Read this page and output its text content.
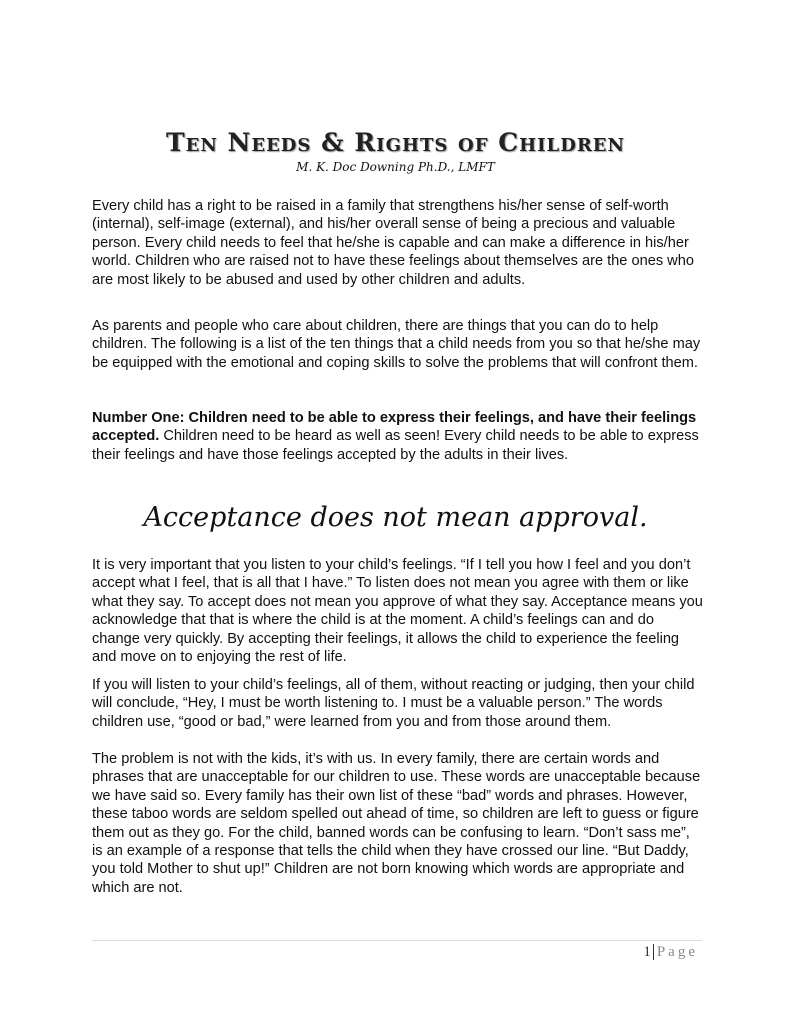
Ten Needs & Rights of Children
M. K. Doc Downing Ph.D., LMFT

Every child has a right to be raised in a family that strengthens his/her sense of self-worth (internal), self-image (external), and his/her overall sense of being a precious and valuable person. Every child needs to feel that he/she is capable and can make a difference in his/her world. Children who are raised not to have these feelings about themselves are the ones who are most likely to be abused and used by other children and adults.

As parents and people who care about children, there are things that you can do to help children. The following is a list of the ten things that a child needs from you so that he/she may be equipped with the emotional and coping skills to solve the problems that will confront them.

Number One: Children need to be able to express their feelings, and have their feelings accepted. Children need to be heard as well as seen! Every child needs to be able to express their feelings and have those feelings accepted by the adults in their lives.

Acceptance does not mean approval.

It is very important that you listen to your child’s feelings. “If I tell you how I feel and you don’t accept what I feel, that is all that I have.” To listen does not mean you agree with them or like what they say. To accept does not mean you approve of what they say. Acceptance means you acknowledge that that is where the child is at the moment. A child’s feelings can and do change very quickly. By accepting their feelings, it allows the child to experience the feeling and move on to enjoying the rest of life.

If you will listen to your child’s feelings, all of them, without reacting or judging, then your child will conclude, “Hey, I must be worth listening to. I must be a valuable person.” The words children use, “good or bad,” were learned from you and from those around them.

The problem is not with the kids, it’s with us. In every family, there are certain words and phrases that are unacceptable for our children to use. These words are unacceptable because we have said so. Every family has their own list of these “bad” words and phrases. However, these taboo words are seldom spelled out ahead of time, so children are left to guess or figure them out as they go. For the child, banned words can be confusing to learn. “Don’t sass me”, is an example of a response that tells the child when they have crossed our line. “But Daddy, you told Mother to shut up!” Children are not born knowing which words are appropriate and which are not.

1 Page
